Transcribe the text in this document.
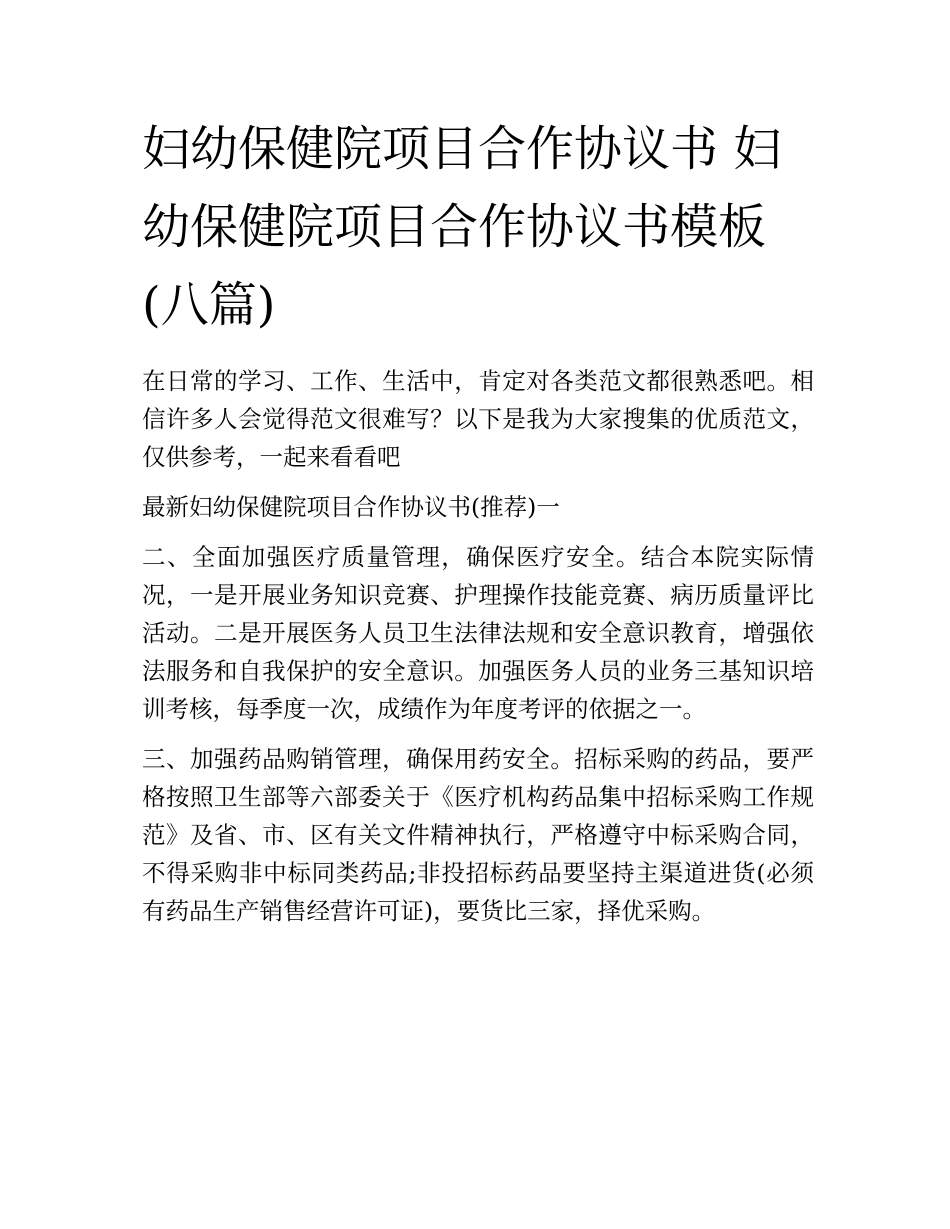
妇幼保健院项目合作协议书 妇幼保健院项目合作协议书模板(八篇)

在日常的学习、工作、生活中，肯定对各类范文都很熟悉吧。相信许多人会觉得范文很难写？以下是我为大家搜集的优质范文，仅供参考，一起来看看吧

最新妇幼保健院项目合作协议书(推荐)一

二、全面加强医疗质量管理，确保医疗安全。结合本院实际情况，一是开展业务知识竞赛、护理操作技能竞赛、病历质量评比活动。二是开展医务人员卫生法律法规和安全意识教育，增强依法服务和自我保护的安全意识。加强医务人员的业务三基知识培训考核，每季度一次，成绩作为年度考评的依据之一。

三、加强药品购销管理，确保用药安全。招标采购的药品，要严格按照卫生部等六部委关于《医疗机构药品集中招标采购工作规范》及省、市、区有关文件精神执行，严格遵守中标采购合同，不得采购非中标同类药品;非投招标药品要坚持主渠道进货(必须有药品生产销售经营许可证)，要货比三家，择优采购。
